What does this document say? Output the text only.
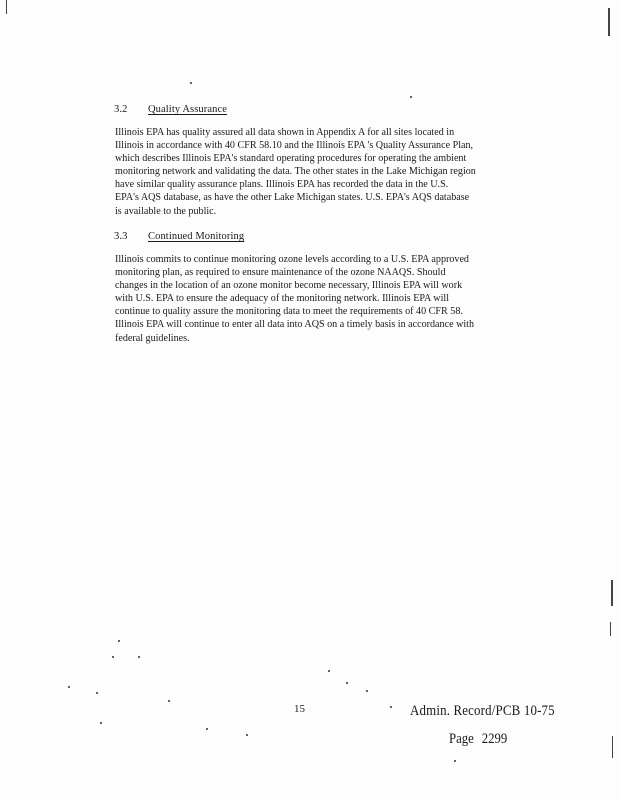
3.2 Quality Assurance
Illinois EPA has quality assured all data shown in Appendix A for all sites located in
Illinois in accordance with 40 CFR 58.10 and the Illinois EPA 's Quality Assurance Plan,
which describes Illinois EPA's standard operating procedures for operating the ambient
monitoring network and validating the data. The other states in the Lake Michigan region
have similar quality assurance plans. Illinois EPA has recorded the data in the U.S.
EPA's AQS database, as have the other Lake Michigan states. U.S. EPA's AQS database
is available to the public.
3.3 Continued Monitoring
Illinois commits to continue monitoring ozone levels according to a U.S. EPA approved
monitoring plan, as required to ensure maintenance of the ozone NAAQS. Should
changes in the location of an ozone monitor become necessary, Illinois EPA will work
with U.S. EPA to ensure the adequacy of the monitoring network. Illinois EPA will
continue to quality assure the monitoring data to meet the requirements of 40 CFR 58.
Illinois EPA will continue to enter all data into AQS on a timely basis in accordance with
federal guidelines.
15	Admin. Record/PCB 10-75
Page 2299
